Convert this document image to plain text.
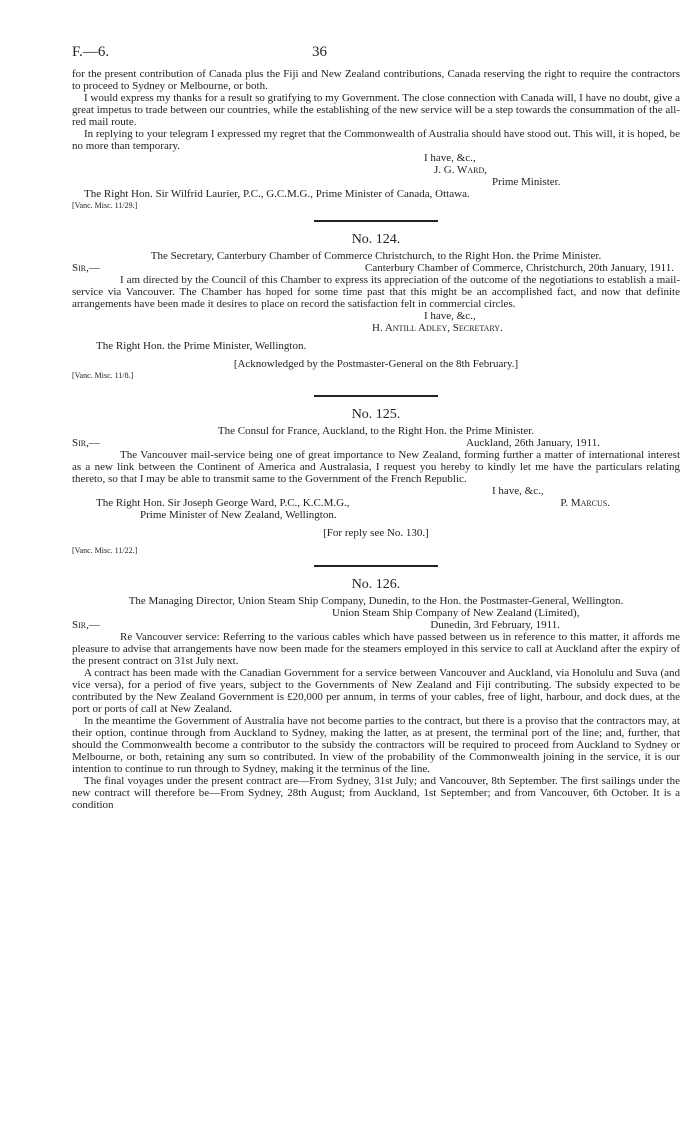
F.—6.	36

for the present contribution of Canada plus the Fiji and New Zealand contributions, Canada reserving the right to require the contractors to proceed to Sydney or Melbourne, or both.

I would express my thanks for a result so gratifying to my Government. The close connection with Canada will, I have no doubt, give a great impetus to trade between our countries, while the establishing of the new service will be a step towards the consummation of the all-red mail route.

In replying to your telegram I expressed my regret that the Commonwealth of Australia should have stood out. This will, it is hoped, be no more than temporary.

I have, &c.,
J. G. Ward,
Prime Minister.
The Right Hon. Sir Wilfrid Laurier, P.C., G.C.M.G., Prime Minister of Canada, Ottawa.
[Vanc. Misc. 11/29.]
No. 124.
The Secretary, Canterbury Chamber of Commerce Christchurch, to the Right Hon. the Prime Minister.
Sir,—	Canterbury Chamber of Commerce, Christchurch, 20th January, 1911.

I am directed by the Council of this Chamber to express its appreciation of the outcome of the negotiations to establish a mail-service via Vancouver. The Chamber has hoped for some time past that this might be an accomplished fact, and now that definite arrangements have been made it desires to place on record the satisfaction felt in commercial circles.

I have, &c.,
H. Antill Adley, Secretary.
The Right Hon. the Prime Minister, Wellington.
[Acknowledged by the Postmaster-General on the 8th February.]
[Vanc. Misc. 11/8.]
No. 125.
The Consul for France, Auckland, to the Right Hon. the Prime Minister.
Sir,—	Auckland, 26th January, 1911.

The Vancouver mail-service being one of great importance to New Zealand, forming further a matter of international interest as a new link between the Continent of America and Australasia, I request you hereby to kindly let me have the particulars relating thereto, so that I may be able to transmit same to the Government of the French Republic.

I have, &c.,
The Right Hon. Sir Joseph George Ward, P.C., K.C.M.G.,	P. Marcus.
Prime Minister of New Zealand, Wellington.
[For reply see No. 130.]
[Vanc. Misc. 11/22.]
No. 126.
The Managing Director, Union Steam Ship Company, Dunedin, to the Hon. the Postmaster-General, Wellington.
Union Steam Ship Company of New Zealand (Limited),
Sir,—	Dunedin, 3rd February, 1911.

Re Vancouver service: Referring to the various cables which have passed between us in reference to this matter, it affords me pleasure to advise that arrangements have now been made for the steamers employed in this service to call at Auckland after the expiry of the present contract on 31st July next.

A contract has been made with the Canadian Government for a service between Vancouver and Auckland, via Honolulu and Suva (and vice versa), for a period of five years, subject to the Governments of New Zealand and Fiji contributing. The subsidy expected to be contributed by the New Zealand Government is £20,000 per annum, in terms of your cables, free of light, harbour, and dock dues, at the port or ports of call at New Zealand.

In the meantime the Government of Australia have not become parties to the contract, but there is a proviso that the contractors may, at their option, continue through from Auckland to Sydney, making the latter, as at present, the terminal port of the line; and, further, that should the Commonwealth become a contributor to the subsidy the contractors will be required to proceed from Auckland to Sydney or Melbourne, or both, retaining any sum so contributed. In view of the probability of the Commonwealth joining in the service, it is our intention to continue to run through to Sydney, making it the terminus of the line.

The final voyages under the present contract are—From Sydney, 31st July; and Vancouver, 8th September. The first sailings under the new contract will therefore be—From Sydney, 28th August; from Auckland, 1st September; and from Vancouver, 6th October. It is a condition
